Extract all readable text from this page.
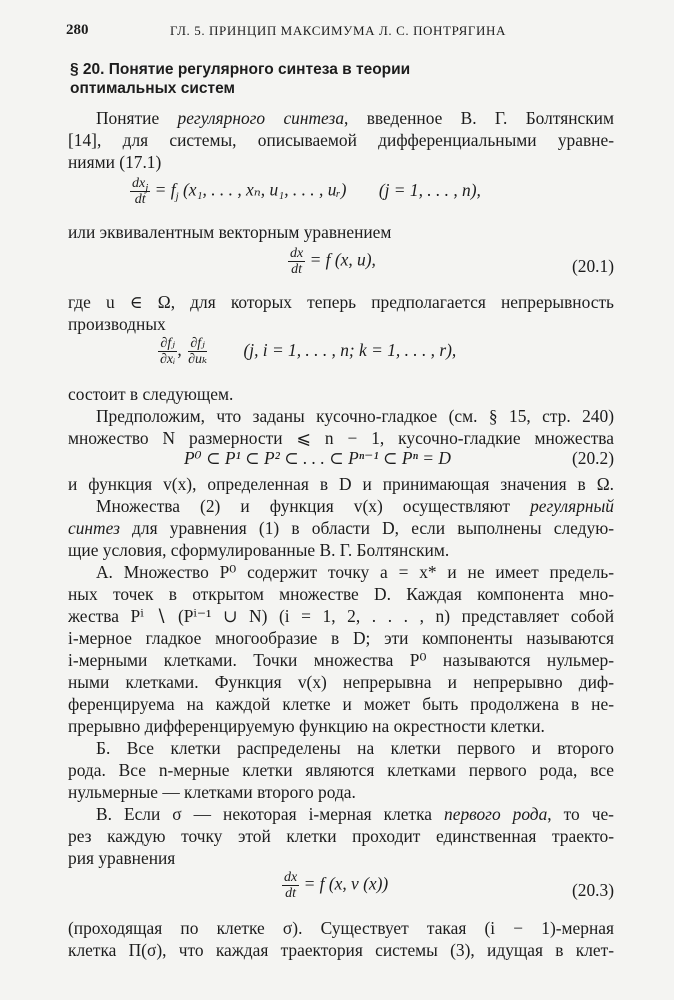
280	ГЛ. 5. ПРИНЦИП МАКСИМУМА Л. С. ПОНТРЯГИНА
§ 20. Понятие регулярного синтеза в теории
оптимальных систем
Понятие регулярного синтеза, введенное В. Г. Болтянским
[14], для системы, описываемой дифференциальными уравне-
ниями (17.1)
$dx_j$
dt = $f_j$ (x₁, . . . , xₙ, u₁, . . . , uᵣ) (j = 1, . . . , n),
или эквивалентным векторным уравнением
$\frac{dx}{dt} = f$ (x, u),	(20.1)
где u ∈ Ω, для которых теперь предполагается непрерывность
производных
$\frac{\text{∂fⱼ}}{\text{∂xᵢ}}$ , $\frac{\text{∂fⱼ}}{\text{∂uₖ}} (j$, i = 1, . . . , n; k = 1, . . . , r),
состоит в следующем.
Предположим, что заданы кусочно-гладкое (см. § 15, стр. 240)
множество N размерности ⩽ n − 1, кусочно-гладкие множества
P⁰ ⊂ P¹ ⊂ P² ⊂ . . . ⊂ Pⁿ⁻¹ ⊂ Pⁿ = D	(20.2)
и функция v(x), определенная в D и принимающая значения в Ω.
Множества (2) и функция v(x) осуществляют регулярный
синтез для уравнения (1) в области D, если выполнены следую-
щие условия, сформулированные В. Г. Болтянским.
А. Множество P⁰ содержит точку a = x* и не имеет предель-
ных точек в открытом множестве D. Каждая компонента мно-
жества Pⁱ ∖ (Pⁱ⁻¹ ∪ N) (i = 1, 2, . . . , n) представляет собой
i-мерное гладкое многообразие в D; эти компоненты называются
i-мерными клетками. Точки множества P⁰ называются нульмер-
ными клетками. Функция v(x) непрерывна и непрерывно диф-
ференцируема на каждой клетке и может быть продолжена в не-
прерывно дифференцируемую функцию на окрестности клетки.
Б. Все клетки распределены на клетки первого и второго
рода. Все n-мерные клетки являются клетками первого рода, все
нульмерные — клетками второго рода.
В. Если σ — некоторая i-мерная клетка первого рода, то че-
рез каждую точку этой клетки проходит единственная траекто-
рия уравнения
$\frac{dx}{dt} = f$ (x, v (x))	(20.3)
(проходящая по клетке σ). Существует такая (i − 1)-мерная
клетка Π(σ), что каждая траектория системы (3), идущая в клет-
